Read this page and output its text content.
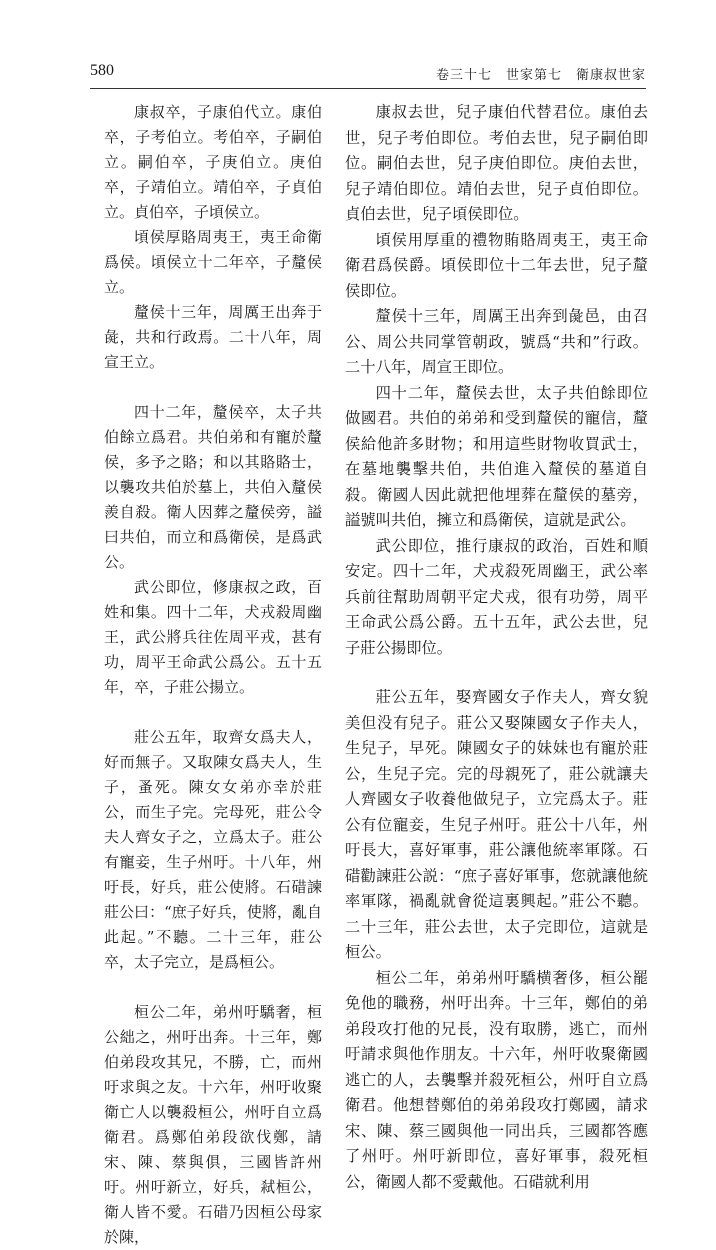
580	卷三十七　世家第七　衛康叔世家

康叔卒，子康伯代立。康伯卒，子考伯立。考伯卒，子嗣伯立。嗣伯卒，子庚伯立。庚伯卒，子靖伯立。靖伯卒，子貞伯立。貞伯卒，子頃侯立。

頃侯厚賂周夷王，夷王命衛爲侯。頃侯立十二年卒，子釐侯立。

釐侯十三年，周厲王出奔于彘，共和行政焉。二十八年，周宣王立。

四十二年，釐侯卒，太子共伯餘立爲君。共伯弟和有寵於釐侯，多予之賂；和以其賂賂士，以襲攻共伯於墓上，共伯入釐侯羨自殺。衛人因葬之釐侯旁，謚曰共伯，而立和爲衛侯，是爲武公。

武公即位，修康叔之政，百姓和集。四十二年，犬戎殺周幽王，武公將兵往佐周平戎，甚有功，周平王命武公爲公。五十五年，卒，子莊公揚立。

莊公五年，取齊女爲夫人，好而無子。又取陳女爲夫人，生子，蚤死。陳女女弟亦幸於莊公，而生子完。完母死，莊公令夫人齊女子之，立爲太子。莊公有寵妾，生子州吁。十八年，州吁長，好兵，莊公使將。石碏諫莊公曰：“庶子好兵，使將，亂自此起。”不聽。二十三年，莊公卒，太子完立，是爲桓公。

桓公二年，弟州吁驕奢，桓公絀之，州吁出奔。十三年，鄭伯弟段攻其兄，不勝，亡，而州吁求與之友。十六年，州吁收聚衛亡人以襲殺桓公，州吁自立爲衛君。爲鄭伯弟段欲伐鄭，請宋、陳、蔡與俱，三國皆許州吁。州吁新立，好兵，弒桓公，衛人皆不愛。石碏乃因桓公母家於陳，

康叔去世，兒子康伯代替君位。康伯去世，兒子考伯即位。考伯去世，兒子嗣伯即位。嗣伯去世，兒子庚伯即位。庚伯去世，兒子靖伯即位。靖伯去世，兒子貞伯即位。貞伯去世，兒子頃侯即位。

頃侯用厚重的禮物賄賂周夷王，夷王命衛君爲侯爵。頃侯即位十二年去世，兒子釐侯即位。

釐侯十三年，周厲王出奔到彘邑，由召公、周公共同掌管朝政，號爲“共和”行政。二十八年，周宣王即位。

四十二年，釐侯去世，太子共伯餘即位做國君。共伯的弟弟和受到釐侯的寵信，釐侯給他許多財物；和用這些財物收買武士，在墓地襲擊共伯，共伯進入釐侯的墓道自殺。衛國人因此就把他埋葬在釐侯的墓旁，謚號叫共伯，擁立和爲衛侯，這就是武公。

武公即位，推行康叔的政治，百姓和順安定。四十二年，犬戎殺死周幽王，武公率兵前往幫助周朝平定犬戎，很有功勞，周平王命武公爲公爵。五十五年，武公去世，兒子莊公揚即位。

莊公五年，娶齊國女子作夫人，齊女貌美但没有兒子。莊公又娶陳國女子作夫人，生兒子，早死。陳國女子的妹妹也有寵於莊公，生兒子完。完的母親死了，莊公就讓夫人齊國女子收養他做兒子，立完爲太子。莊公有位寵妾，生兒子州吁。莊公十八年，州吁長大，喜好軍事，莊公讓他統率軍隊。石碏勸諫莊公説：“庶子喜好軍事，您就讓他統率軍隊，禍亂就會從這裏興起。”莊公不聽。二十三年，莊公去世，太子完即位，這就是桓公。

桓公二年，弟弟州吁驕横奢侈，桓公罷免他的職務，州吁出奔。十三年，鄭伯的弟弟段攻打他的兄長，没有取勝，逃亡，而州吁請求與他作朋友。十六年，州吁收聚衛國逃亡的人，去襲擊并殺死桓公，州吁自立爲衛君。他想替鄭伯的弟弟段攻打鄭國，請求宋、陳、蔡三國與他一同出兵，三國都答應了州吁。州吁新即位，喜好軍事，殺死桓公，衛國人都不愛戴他。石碏就利用
